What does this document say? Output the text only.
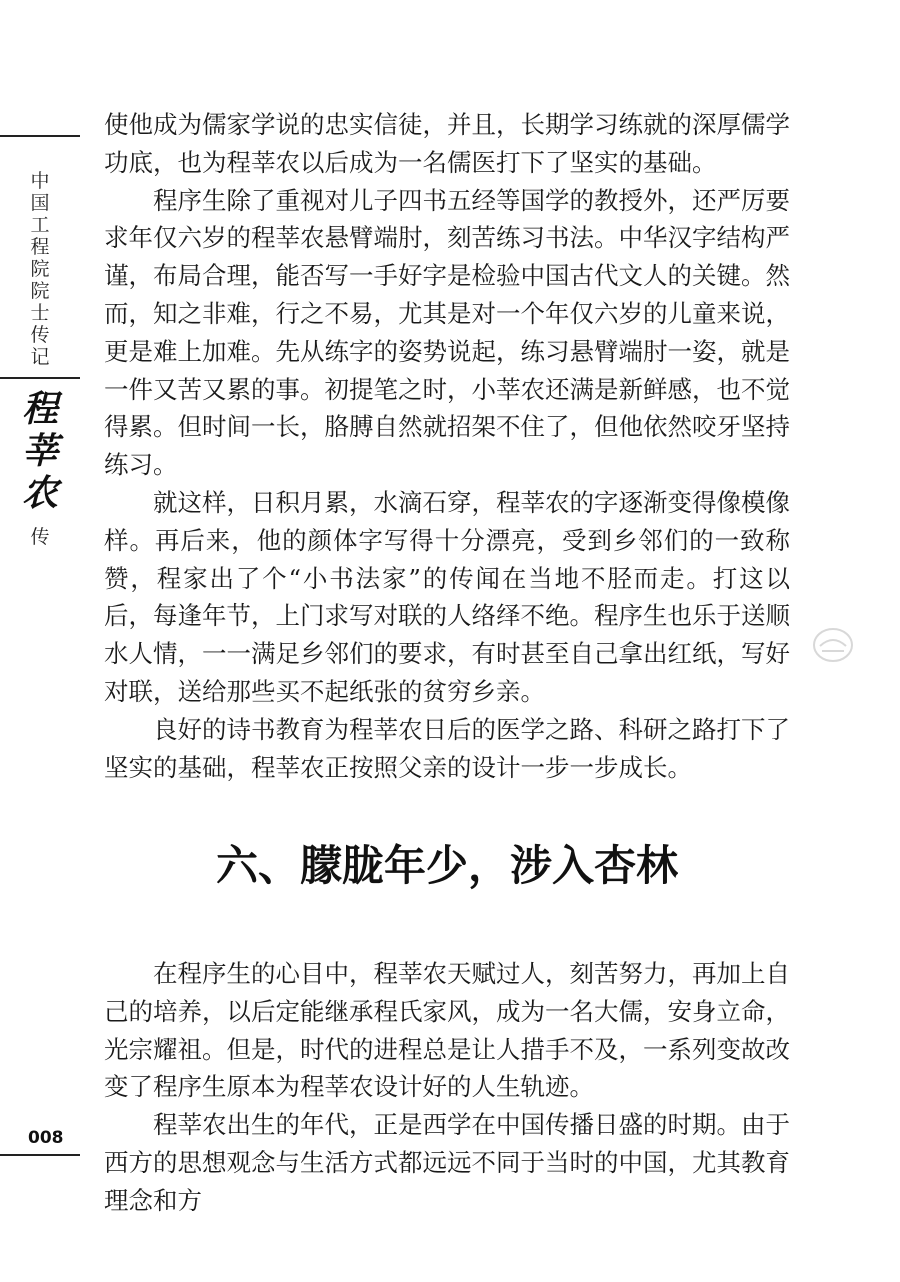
中国工程院院士传记
程莘农
传
008

使他成为儒家学说的忠实信徒，并且，长期学习练就的深厚儒学功底，也为程莘农以后成为一名儒医打下了坚实的基础。

程序生除了重视对儿子四书五经等国学的教授外，还严厉要求年仅六岁的程莘农悬臂端肘，刻苦练习书法。中华汉字结构严谨，布局合理，能否写一手好字是检验中国古代文人的关键。然而，知之非难，行之不易，尤其是对一个年仅六岁的儿童来说，更是难上加难。先从练字的姿势说起，练习悬臂端肘一姿，就是一件又苦又累的事。初提笔之时，小莘农还满是新鲜感，也不觉得累。但时间一长，胳膊自然就招架不住了，但他依然咬牙坚持练习。

就这样，日积月累，水滴石穿，程莘农的字逐渐变得像模像样。再后来，他的颜体字写得十分漂亮，受到乡邻们的一致称赞，程家出了个“小书法家”的传闻在当地不胫而走。打这以后，每逢年节，上门求写对联的人络绎不绝。程序生也乐于送顺水人情，一一满足乡邻们的要求，有时甚至自己拿出红纸，写好对联，送给那些买不起纸张的贫穷乡亲。

良好的诗书教育为程莘农日后的医学之路、科研之路打下了坚实的基础，程莘农正按照父亲的设计一步一步成长。

六、朦胧年少，涉入杏林

在程序生的心目中，程莘农天赋过人，刻苦努力，再加上自己的培养，以后定能继承程氏家风，成为一名大儒，安身立命，光宗耀祖。但是，时代的进程总是让人措手不及，一系列变故改变了程序生原本为程莘农设计好的人生轨迹。

程莘农出生的年代，正是西学在中国传播日盛的时期。由于西方的思想观念与生活方式都远远不同于当时的中国，尤其教育理念和方
